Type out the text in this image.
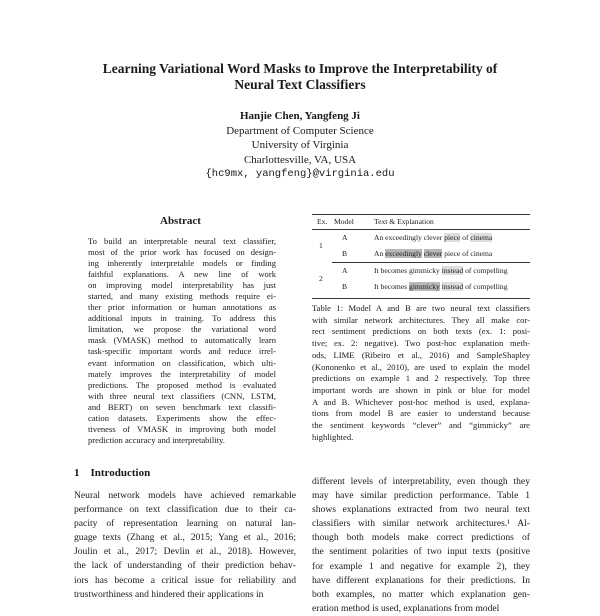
Learning Variational Word Masks to Improve the Interpretability of
Neural Text Classifiers
Hanjie Chen, Yangfeng Ji
Department of Computer Science
University of Virginia
Charlottesville, VA, USA
{hc9mx, yangfeng}@virginia.edu
Abstract
To build an interpretable neural text classifier,
most of the prior work has focused on design-
ing inherently interpretable models or finding
faithful explanations. A new line of work
on improving model interpretability has just
started, and many existing methods require ei-
ther prior information or human annotations as
additional inputs in training. To address this
limitation, we propose the variational word
mask (VMASK) method to automatically learn
task-specific important words and reduce irrel-
evant information on classification, which ulti-
mately improves the interpretability of model
predictions. The proposed method is evaluated
with three neural text classifiers (CNN, LSTM,
and BERT) on seven benchmark text classifi-
cation datasets. Experiments show the effec-
tiveness of VMASK in improving both model
prediction accuracy and interpretability.
1 Introduction
Neural network models have achieved remarkable
performance on text classification due to their ca-
pacity of representation learning on natural lan-
guage texts (Zhang et al., 2015; Yang et al., 2016;
Joulin et al., 2017; Devlin et al., 2018). However,
the lack of understanding of their prediction behav-
iors has become a critical issue for reliability and
trustworthiness and hindered their applications in
Ex. Model	Text & Explanation
1
A	An exceedingly clever piece of cinema
B	An exceedingly clever piece of cinema
2
A	It becomes gimmicky instead of compelling
B	It becomes gimmicky instead of compelling
Table 1: Model A and B are two neural text classifiers
with similar network architectures. They all make cor-
rect sentiment predictions on both texts (ex. 1: posi-
tive; ex. 2: negative). Two post-hoc explanation meth-
ods, LIME (Ribeiro et al., 2016) and SampleShapley
(Kononenko et al., 2010), are used to explain the model
predictions on example 1 and 2 respectively. Top three
important words are shown in pink or blue for model
A and B. Whichever post-hoc method is used, explana-
tions from model B are easier to understand because
the sentiment keywords “clever” and “gimmicky” are
highlighted.
different levels of interpretability, even though they
may have similar prediction performance. Table 1
shows explanations extracted from two neural text
classifiers with similar network architectures.¹ Al-
though both models make correct predictions of
the sentiment polarities of two input texts (positive
for example 1 and negative for example 2), they
have different explanations for their predictions. In
both examples, no matter which explanation gen-
eration method is used, explanations from model
